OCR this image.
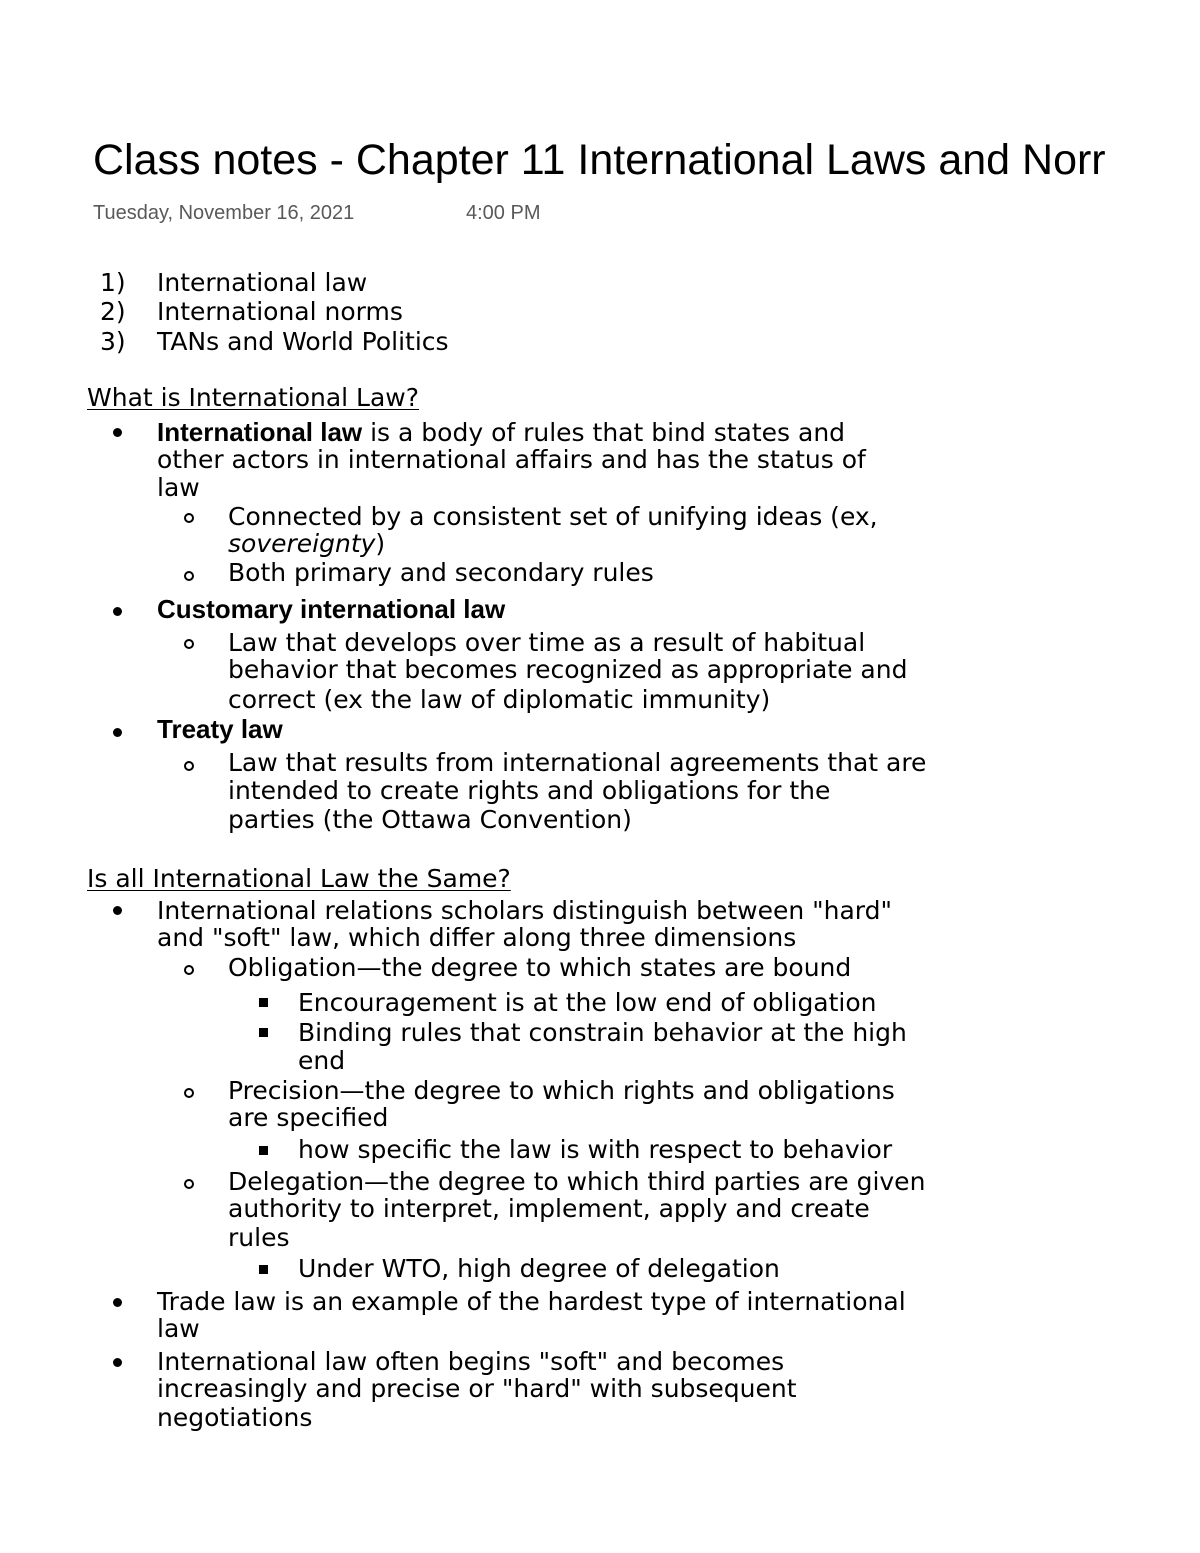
Class notes - Chapter 11 International Laws and Norr
Tuesday, November 16, 2021	4:00 PM
1) International law
2) International norms
3) TANs and World Politics
What is International Law?
International law is a body of rules that bind states and
other actors in international affairs and has the status of
law
Connected by a consistent set of unifying ideas (ex,
sovereignty)
Both primary and secondary rules
Customary international law
Law that develops over time as a result of habitual
behavior that becomes recognized as appropriate and
correct (ex the law of diplomatic immunity)
Treaty law
Law that results from international agreements that are
intended to create rights and obligations for the
parties (the Ottawa Convention)
Is all International Law the Same?
International relations scholars distinguish between "hard"
and "soft" law, which differ along three dimensions
Obligation—the degree to which states are bound
Encouragement is at the low end of obligation
Binding rules that constrain behavior at the high
end
Precision—the degree to which rights and obligations
are specified
how specific the law is with respect to behavior
Delegation—the degree to which third parties are given
authority to interpret, implement, apply and create
rules
Under WTO, high degree of delegation
Trade law is an example of the hardest type of international
law
International law often begins "soft" and becomes
increasingly and precise or "hard" with subsequent
negotiations
